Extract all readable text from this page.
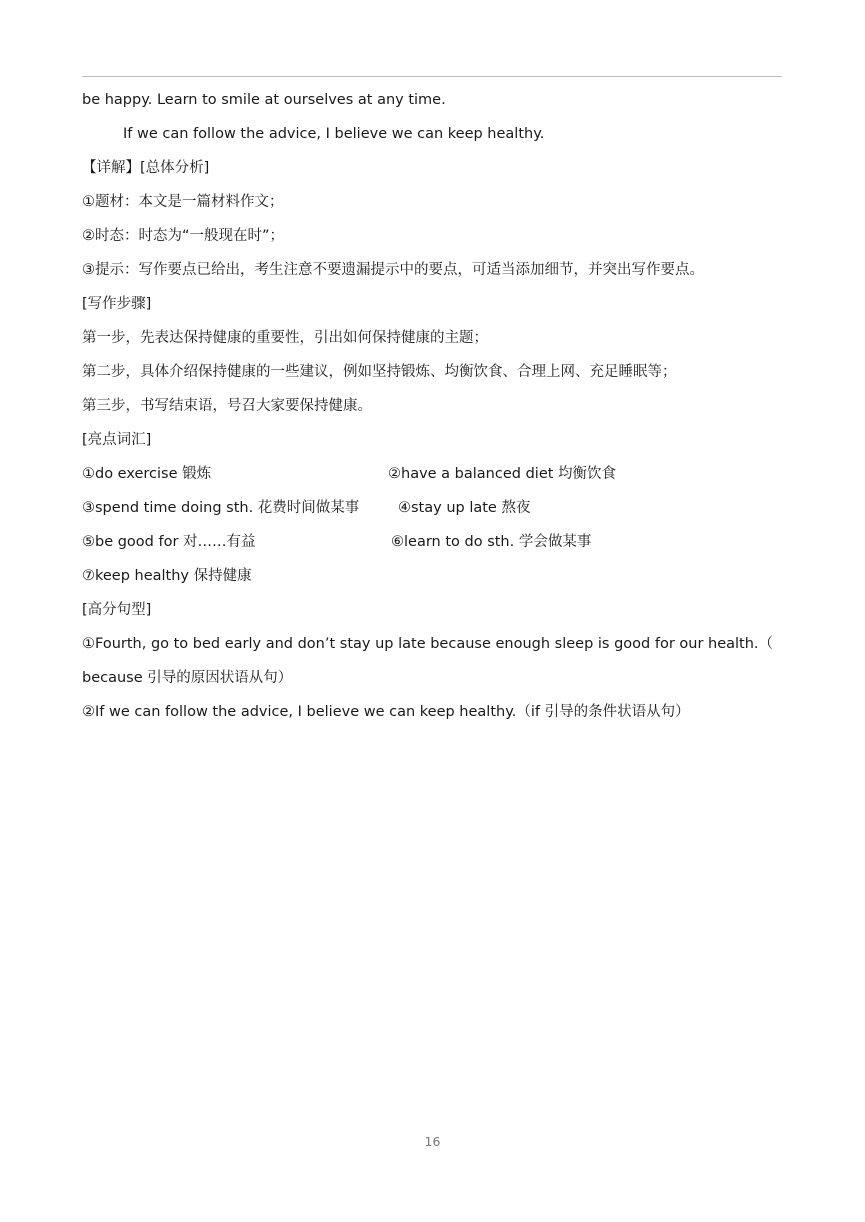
be happy. Learn to smile at ourselves at any time.
If we can follow the advice, I believe we can keep healthy.
【详解】[总体分析]
①题材：本文是一篇材料作文；
②时态：时态为“一般现在时”；
③提示：写作要点已给出，考生注意不要遗漏提示中的要点，可适当添加细节，并突出写作要点。
[写作步骤]
第一步，先表达保持健康的重要性，引出如何保持健康的主题；
第二步，具体介绍保持健康的一些建议，例如坚持锻炼、均衡饮食、合理上网、充足睡眠等；
第三步，书写结束语，号召大家要保持健康。
[亮点词汇]
①do exercise 锻炼	②have a balanced diet 均衡饮食
③spend time doing sth. 花费时间做某事	④stay up late 熬夜
⑤be good for 对……有益	⑥learn to do sth. 学会做某事
⑦keep healthy 保持健康
[高分句型]
①Fourth, go to bed early and don’t stay up late because enough sleep is good for our health.（
because 引导的原因状语从句）
②If we can follow the advice, I believe we can keep healthy.（if 引导的条件状语从句）
16
